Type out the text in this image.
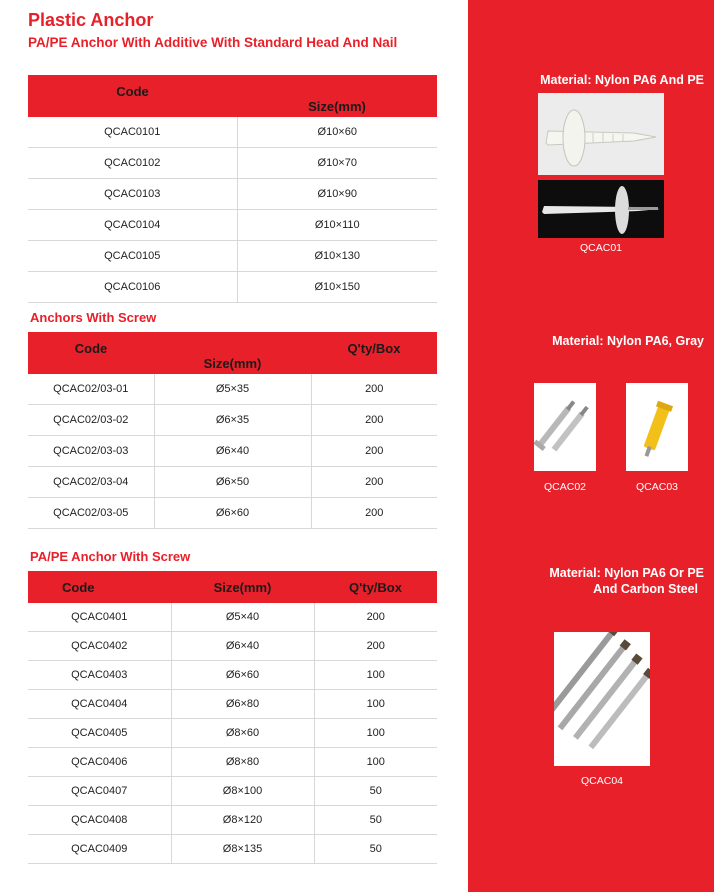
Plastic Anchor
PA/PE Anchor With Additive With Standard Head And Nail
Code	Size(mm)
QCAC0101	Ø10×60
QCAC0102	Ø10×70
QCAC0103	Ø10×90
QCAC0104	Ø10×110
QCAC0105	Ø10×130
QCAC0106	Ø10×150
Anchors With Screw
Code	Size(mm)	Q'ty/Box
QCAC02/03-01	Ø5×35	200
QCAC02/03-02	Ø6×35	200
QCAC02/03-03	Ø6×40	200
QCAC02/03-04	Ø6×50	200
QCAC02/03-05	Ø6×60	200
PA/PE Anchor With Screw
Code	Size(mm)	Q'ty/Box
QCAC0401	Ø5×40	200
QCAC0402	Ø6×40	200
QCAC0403	Ø6×60	100
QCAC0404	Ø6×80	100
QCAC0405	Ø8×60	100
QCAC0406	Ø8×80	100
QCAC0407	Ø8×100	50
QCAC0408	Ø8×120	50
QCAC0409	Ø8×135	50
Material: Nylon PA6 And PE
QCAC01
Material: Nylon PA6, Gray
QCAC02	QCAC03
Material: Nylon PA6 Or PE
And Carbon Steel
QCAC04
